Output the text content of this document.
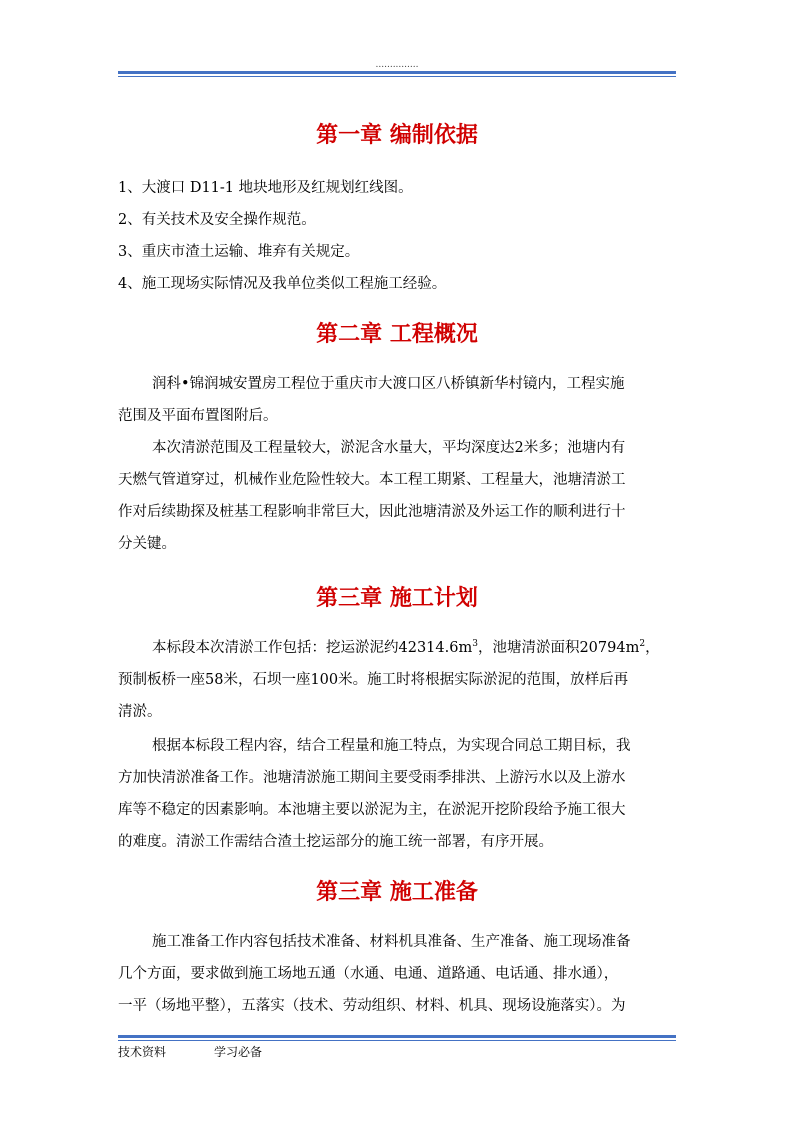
...............
第一章 编制依据
1、大渡口 D11-1 地块地形及红规划红线图。
2、有关技术及安全操作规范。
3、重庆市渣土运输、堆弃有关规定。
4、施工现场实际情况及我单位类似工程施工经验。
第二章 工程概况
润科•锦润城安置房工程位于重庆市大渡口区八桥镇新华村镜内，工程实施
范围及平面布置图附后。
本次清淤范围及工程量较大，淤泥含水量大，平均深度达2米多；池塘内有
天燃气管道穿过，机械作业危险性较大。本工程工期紧、工程量大，池塘清淤工
作对后续勘探及桩基工程影响非常巨大，因此池塘清淤及外运工作的顺利进行十
分关键。
第三章 施工计划
本标段本次清淤工作包括：挖运淤泥约$42314.6m^3$，池塘清淤面积$20794m^2$，
预制板桥一座58米，石坝一座100米。施工时将根据实际淤泥的范围，放样后再
清淤。
根据本标段工程内容，结合工程量和施工特点，为实现合同总工期目标，我
方加快清淤准备工作。池塘清淤施工期间主要受雨季排洪、上游污水以及上游水
库等不稳定的因素影响。本池塘主要以淤泥为主，在淤泥开挖阶段给予施工很大
的难度。清淤工作需结合渣土挖运部分的施工统一部署，有序开展。
第三章 施工准备
施工准备工作内容包括技术准备、材料机具准备、生产准备、施工现场准备
几个方面，要求做到施工场地五通（水通、电通、道路通、电话通、排水通），
一平（场地平整），五落实（技术、劳动组织、材料、机具、现场设施落实）。为
技术资料	学习必备
